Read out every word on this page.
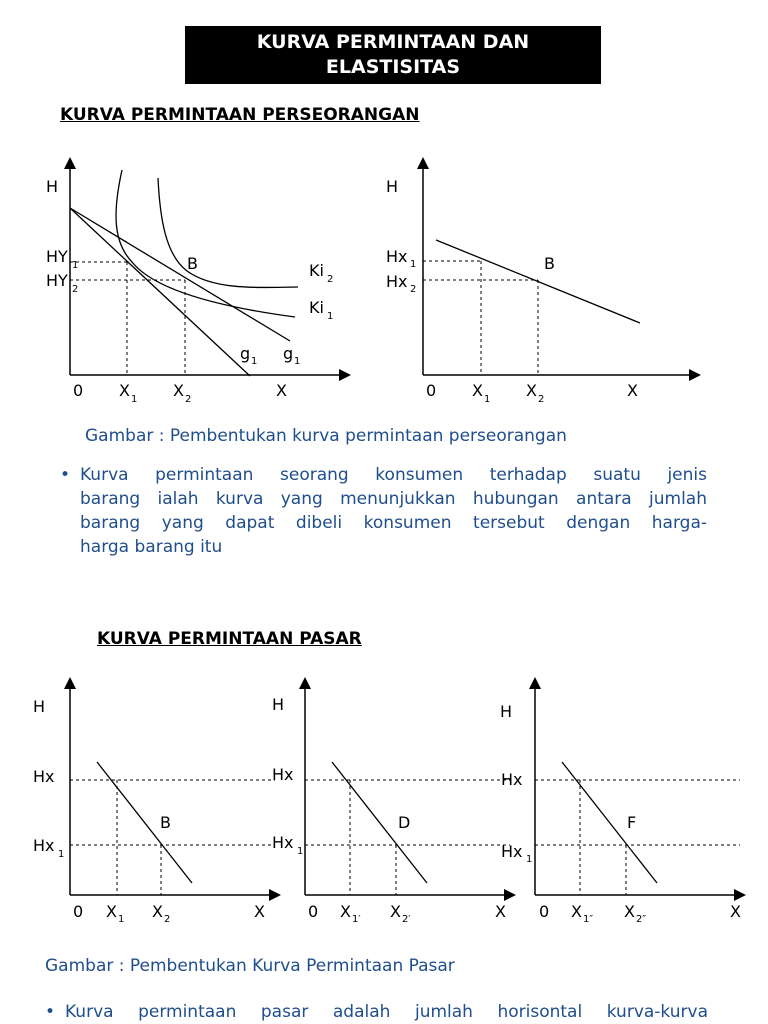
KURVA PERMINTAAN DAN
ELASTISITAS
KURVA PERMINTAAN PERSEORANGAN
H
HY 1
HY 2
0 X 1 X 2	X
B	Ki 2
Ki 1
g 1 g 1
H
Hx 1
Hx 2
0 X 1 X 2	X
B
H
Hx
Hx 1
0 X 1 X 2	X
B
H
Hx
Hx 1
0 X 1′ X 2′	X
D
H
Hx
Hx 1
0 X 1″ X 2″	X
F
Gambar : Pembentukan kurva permintaan perseorangan
• Kurva permintaan seorang konsumen terhadap suatu jenis
barang ialah kurva yang menunjukkan hubungan antara jumlah
barang yang dapat dibeli konsumen tersebut dengan harga-
harga barang itu
KURVA PERMINTAAN PASAR
Gambar : Pembentukan Kurva Permintaan Pasar
• Kurva permintaan pasar adalah jumlah horisontal kurva-kurva
